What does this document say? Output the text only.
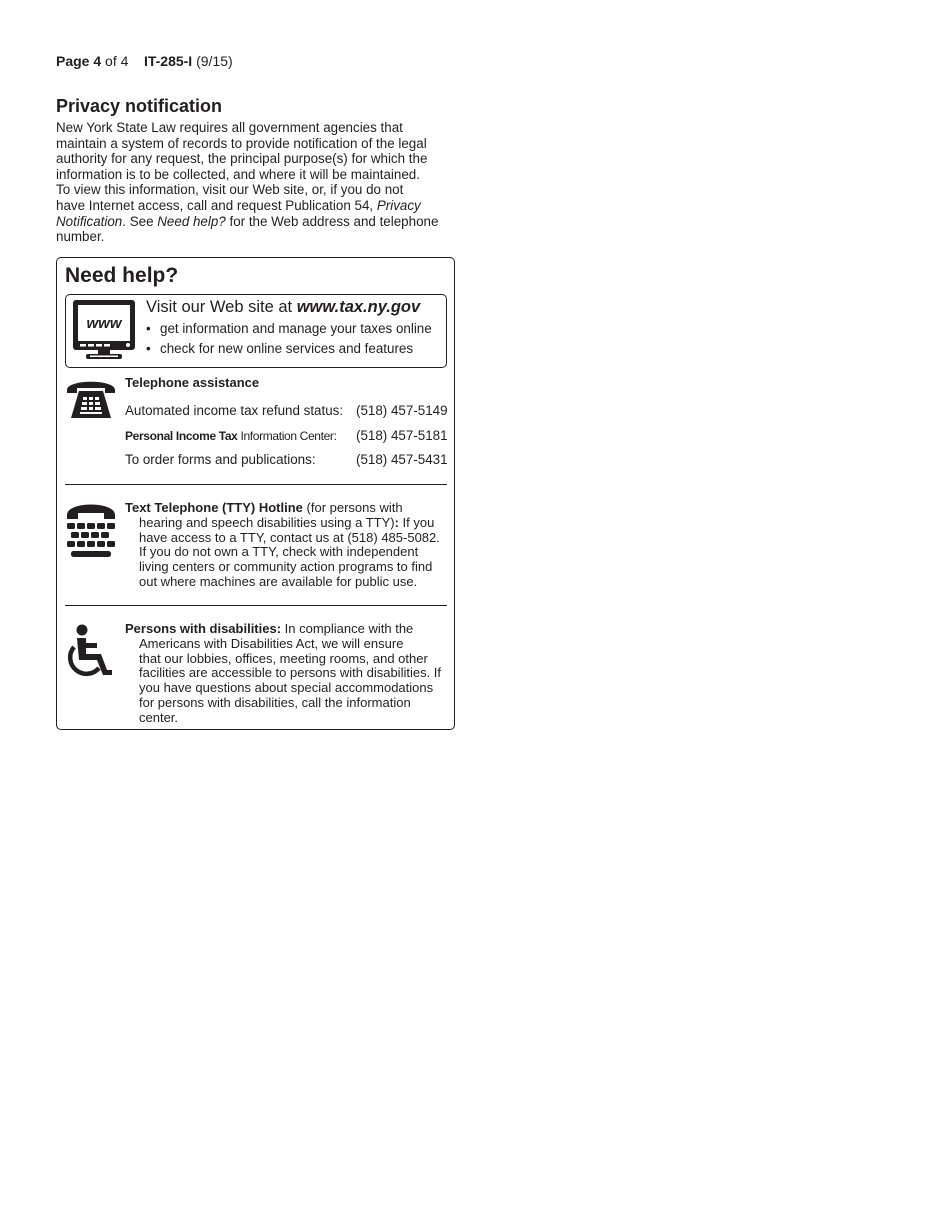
Page 4 of 4 IT-285-I (9/15)
Privacy notification

New York State Law requires all government agencies that
maintain a system of records to provide notification of the legal
authority for any request, the principal purpose(s) for which the
information is to be collected, and where it will be maintained.
To view this information, visit our Web site, or, if you do not
have Internet access, call and request Publication 54, Privacy
Notification. See Need help? for the Web address and telephone
number.

Need help?
www
Visit our Web site at www.tax.ny.gov
• get information and manage your taxes online
• check for new online services and features
Telephone assistance
Automated income tax refund status: (518) 457-5149
Personal Income Tax Information Center: (518) 457-5181
To order forms and publications:	(518) 457-5431
Text Telephone (TTY) Hotline (for persons with
hearing and speech disabilities using a TTY): If you
have access to a TTY, contact us at (518) 485-5082.
If you do not own a TTY, check with independent
living centers or community action programs to find
out where machines are available for public use.
Persons with disabilities: In compliance with the
Americans with Disabilities Act, we will ensure
that our lobbies, offices, meeting rooms, and other
facilities are accessible to persons with disabilities. If
you have questions about special accommodations
for persons with disabilities, call the information
center.
